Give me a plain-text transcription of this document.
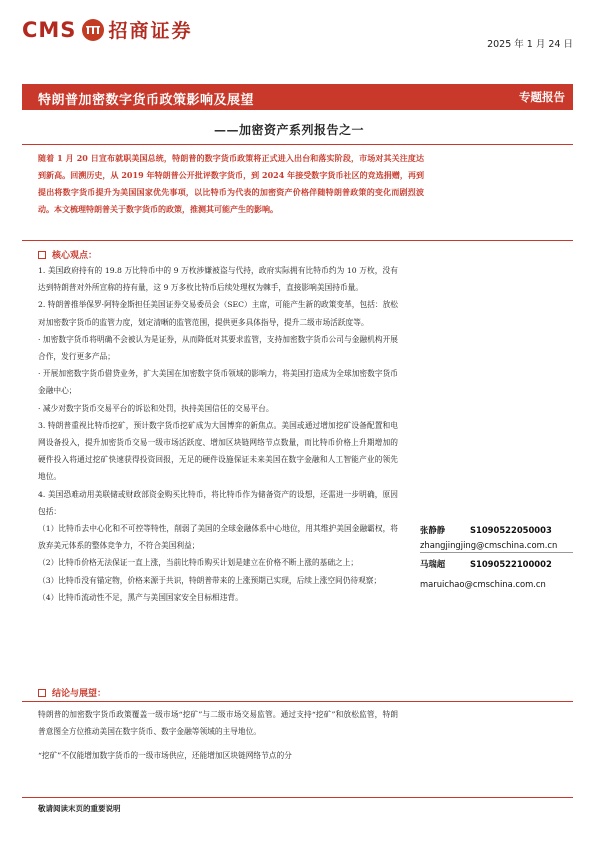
CMS 招商证券
2025 年 1 月 24 日
特朗普加密数字货币政策影响及展望	专题报告
——加密资产系列报告之一
随着 1 月 20 日宣布就职美国总统，特朗普的数字货币政策将正式进入出台和落实阶段，市场对其关注度达到新高。回溯历史，从 2019 年特朗普公开批评数字货币，到 2024 年接受数字货币社区的竞选捐赠，再到提出将数字货币提升为美国国家优先事项，以比特币为代表的加密资产价格伴随特朗普政策的变化而剧烈波动。本文梳理特朗普关于数字货币的政策，推测其可能产生的影响。
核心观点：

1. 美国政府持有的 19.8 万比特币中的 9 万枚涉嫌被盗与代持，政府实际拥有比特币约为 10 万枚，没有达到特朗普对外所宣称的持有量，这 9 万多枚比特币后续处理权为棘手，直接影响美国持币量。

2. 特朗普推举保罗·阿特金斯担任美国证券交易委员会（SEC）主席，可能产生新的政策变革，包括：放松对加密数字货币的监管力度，划定清晰的监管范围，提供更多具体指导，提升二级市场活跃度等。

· 加密数字货币将明确不会被认为是证券，从而降低对其要求监管，支持加密数字货币公司与金融机构开展合作，发行更多产品；

· 开展加密数字货币借贷业务，扩大美国在加密数字货币领域的影响力，将美国打造成为全球加密数字货币金融中心；

· 减少对数字货币交易平台的诉讼和处罚，执持美国信任的交易平台。

3. 特朗普重视比特币挖矿，预计数字货币挖矿成为大国博弈的新焦点。美国或通过增加挖矿设备配置和电网设备投入，提升加密货币交易一级市场活跃度、增加区块链网络节点数量，而比特币价格上升期增加的硬件投入将通过挖矿快速获得投资回报，无足的硬件设施保证未来美国在数字金融和人工智能产业的领先地位。

4. 美国恐难动用美联储或财政部资金购买比特币，将比特币作为储备资产的设想，还需进一步明确，原因包括：

（1）比特币去中心化和不可控等特性，削弱了美国的全球金融体系中心地位，用其维护美国金融霸权，将放弃美元体系的整体竞争力，不符合美国利益；

（2）比特币价格无法保证一直上涨，当前比特币购买计划是建立在价格不断上涨的基础之上；

（3）比特币没有锚定物，价格来源于共识，特朗普带来的上涨预期已实现，后续上涨空间仍待观察；

（4）比特币流动性不足，黑产与美国国家安全目标相违背。

结论与展望：

特朗普的加密数字货币政策覆盖一级市场“挖矿”与二级市场交易监管。通过支持“挖矿”和放松监管，特朗普意图全方位推动美国在数字货币、数字金融等领域的主导地位。

“挖矿”不仅能增加数字货币的一级市场供应，还能增加区块链网络节点的分

张静静	S1090522050003
zhangjingjing@cmschina.com.cn
马瑞超	S1090522100002
maruichao@cmschina.com.cn
敬请阅读末页的重要说明
